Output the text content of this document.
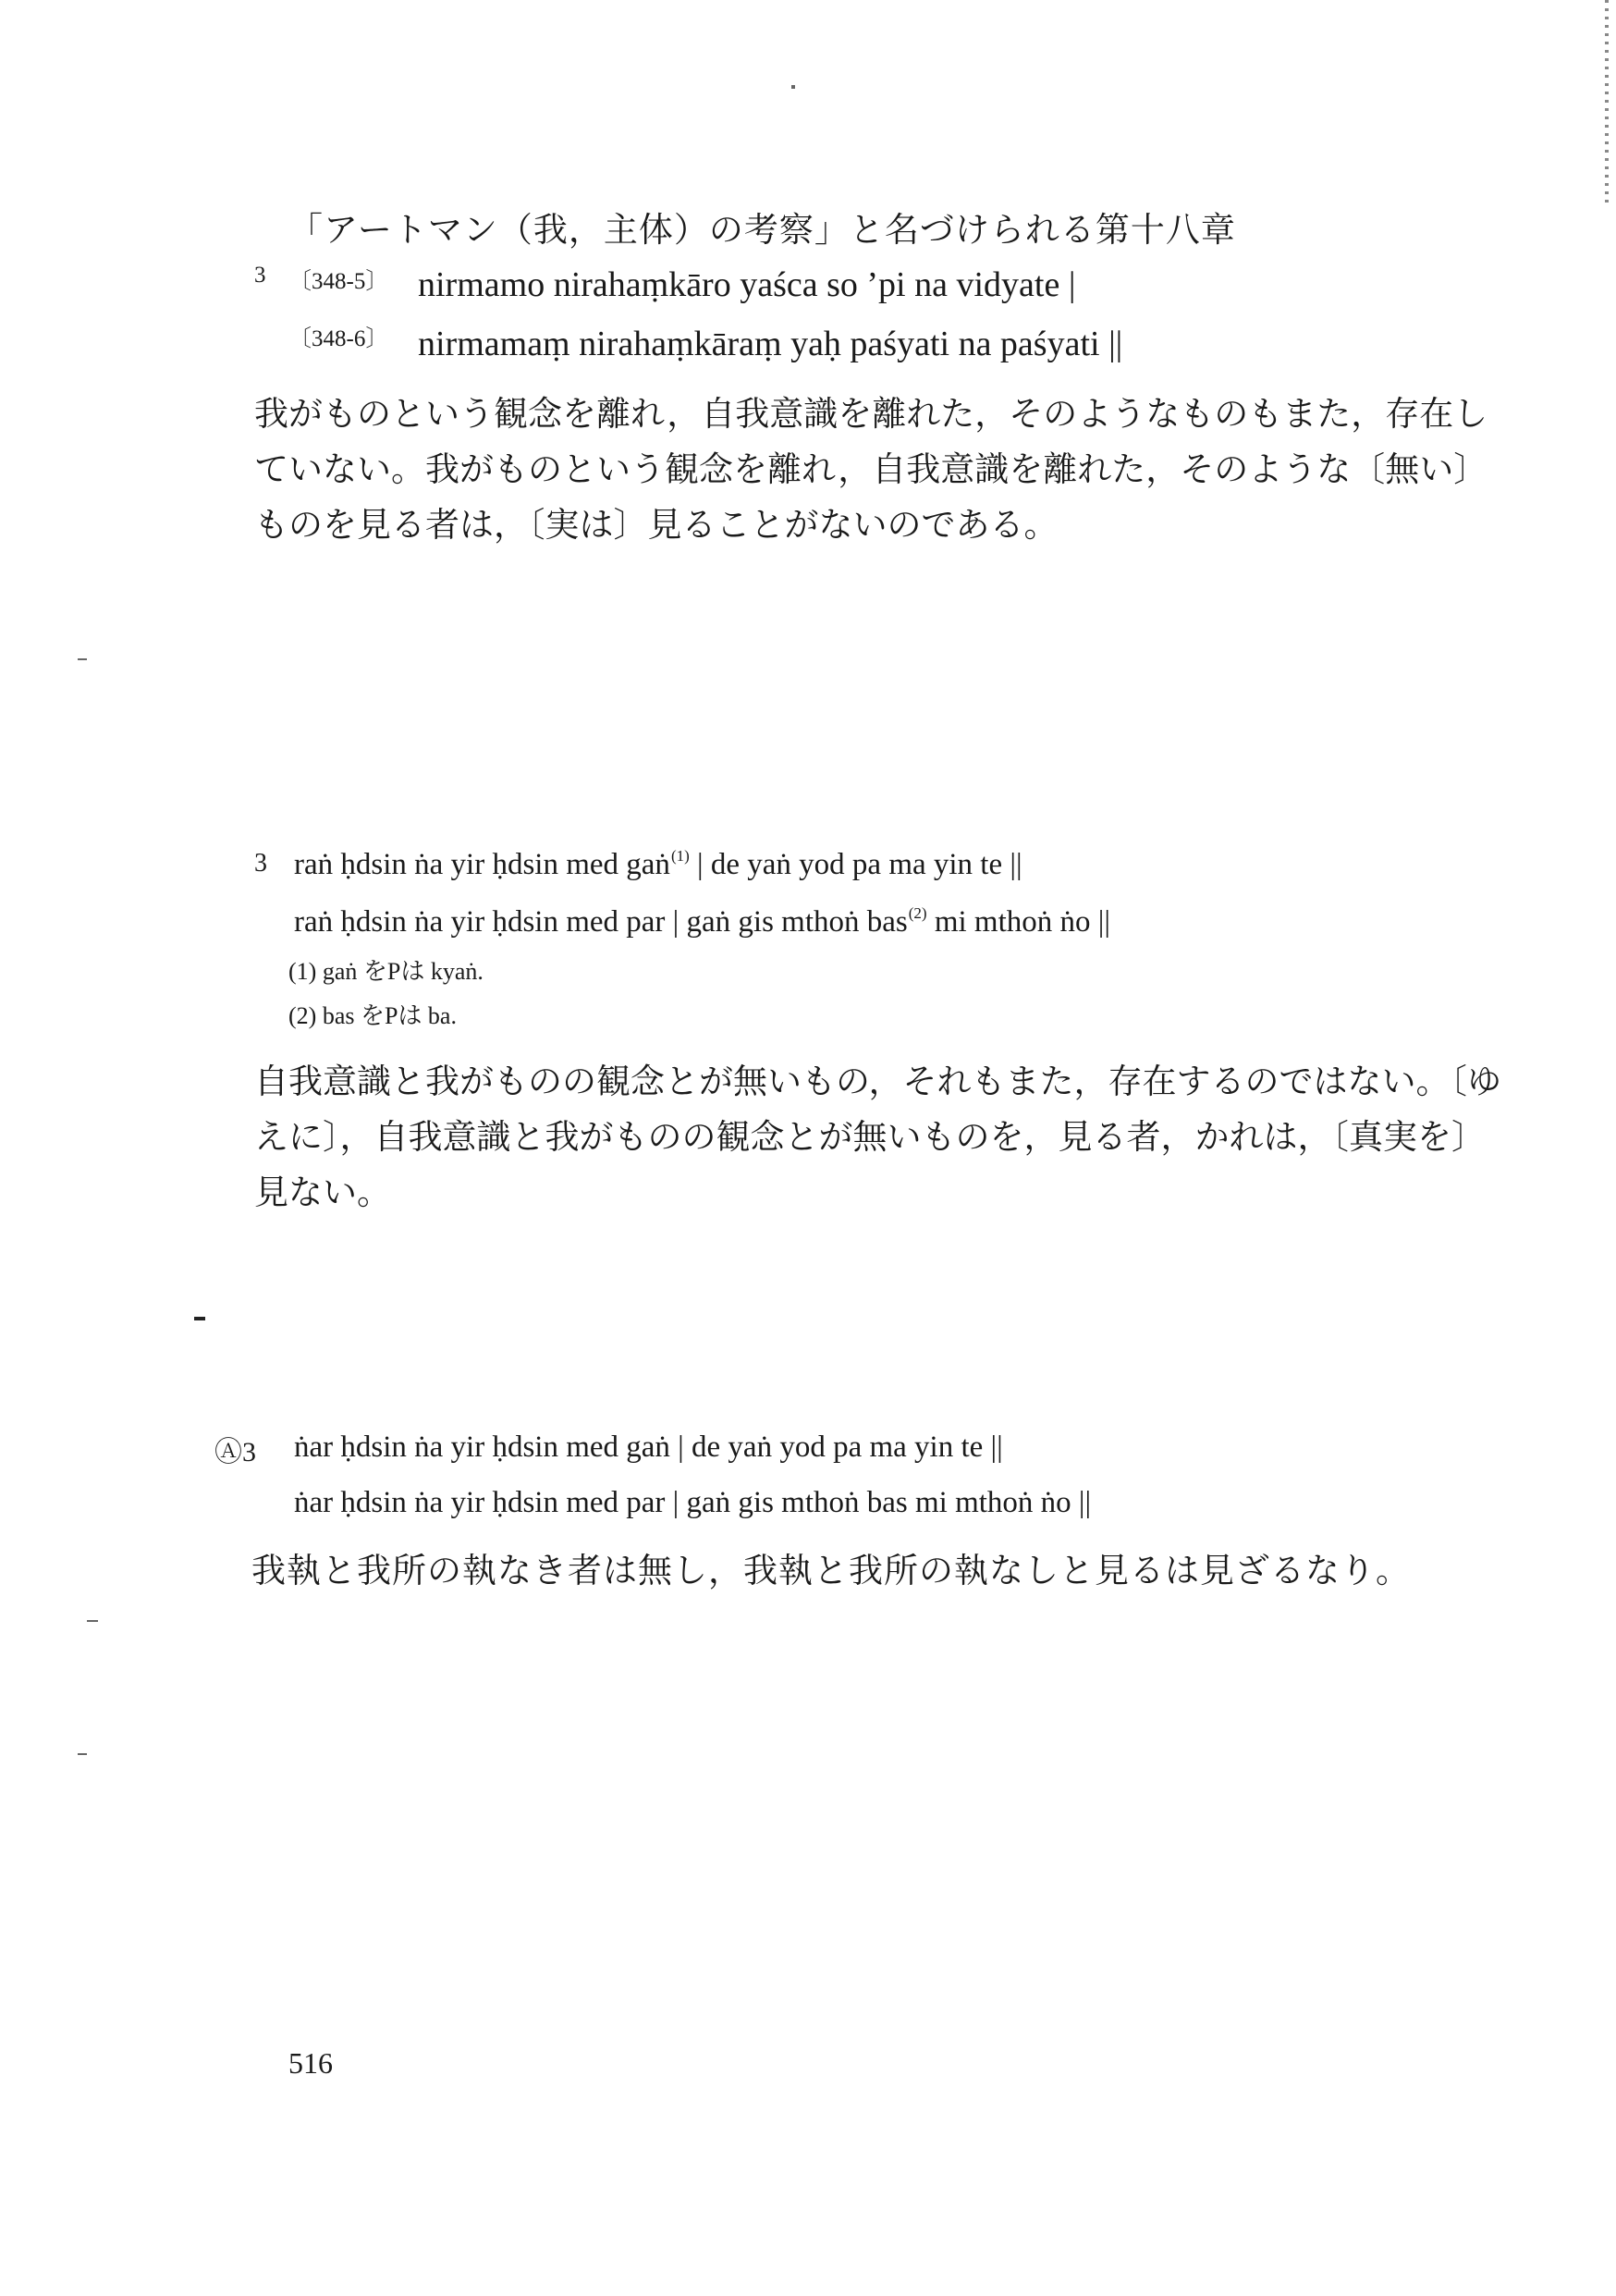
「アートマン（我，主体）の考察」と名づけられる第十八章
3 〔348-5〕 nirmamo nirahaṃkāro yaśca so ’pi na vidyate |
〔348-6〕 nirmamaṃ nirahaṃkāraṃ yaḥ paśyati na paśyati ||
我がものという観念を離れ，自我意識を離れた，そのようなものもまた，存在していない。我がものという観念を離れ，自我意識を離れた，そのような〔無い〕ものを見る者は，〔実は〕見ることがないのである。
3 raṅ ḥdsin ṅa yir ḥdsin med gaṅ$^{(1)}$ | de yaṅ yod pa ma yin te ||
raṅ ḥdsin ṅa yir ḥdsin med par | gaṅ gis mthoṅ bas$^{(2)}$ mi mthoṅ ṅo ||
(1) gaṅ をPは kyaṅ.
(2) bas をPは ba.
自我意識と我がものの観念とが無いもの，それもまた，存在するのではない。〔ゆえに〕，自我意識と我がものの観念とが無いものを，見る者，かれは，〔真実を〕見ない。
Ⓐ3 ṅar ḥdsin ṅa yir ḥdsin med gaṅ | de yaṅ yod pa ma yin te ||
ṅar ḥdsin ṅa yir ḥdsin med par | gaṅ gis mthoṅ bas mi mthoṅ ṅo ||
我執と我所の執なき者は無し，我執と我所の執なしと見るは見ざるなり。
516
